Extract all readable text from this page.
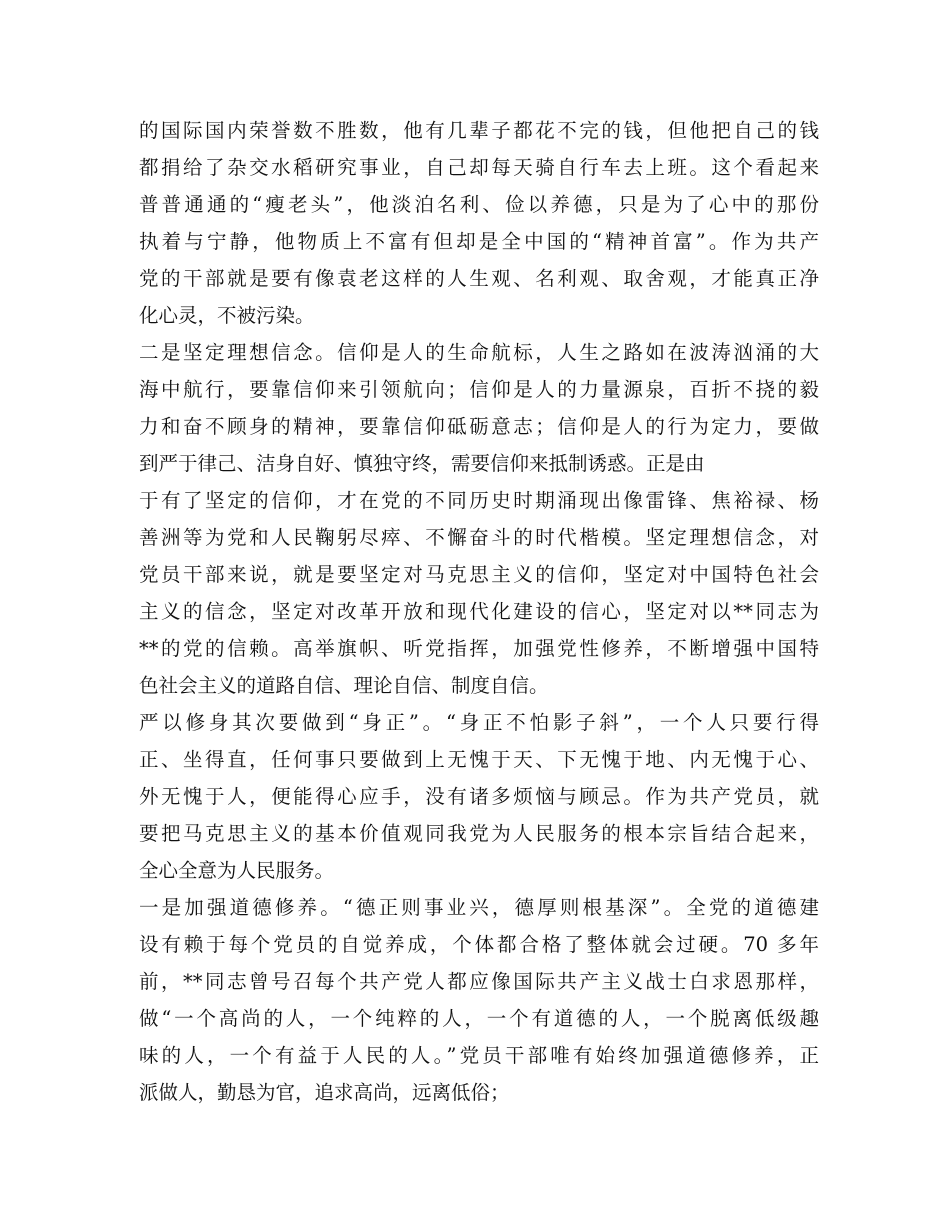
的国际国内荣誉数不胜数，他有几辈子都花不完的钱，但他把自己的钱
都捐给了杂交水稻研究事业，自己却每天骑自行车去上班。这个看起来
普普通通的“瘦老头”，他淡泊名利、俭以养德，只是为了心中的那份
执着与宁静，他物质上不富有但却是全中国的“精神首富”。作为共产
党的干部就是要有像袁老这样的人生观、名利观、取舍观，才能真正净
化心灵，不被污染。
二是坚定理想信念。信仰是人的生命航标，人生之路如在波涛汹涌的大
海中航行，要靠信仰来引领航向；信仰是人的力量源泉，百折不挠的毅
力和奋不顾身的精神，要靠信仰砥砺意志；信仰是人的行为定力，要做
到严于律己、洁身自好、慎独守终，需要信仰来抵制诱惑。正是由
于有了坚定的信仰，才在党的不同历史时期涌现出像雷锋、焦裕禄、杨
善洲等为党和人民鞠躬尽瘁、不懈奋斗的时代楷模。坚定理想信念，对
党员干部来说，就是要坚定对马克思主义的信仰，坚定对中国特色社会
主义的信念，坚定对改革开放和现代化建设的信心，坚定对以**同志为
**的党的信赖。高举旗帜、听党指挥，加强党性修养，不断增强中国特
色社会主义的道路自信、理论自信、制度自信。
严以修身其次要做到“身正”。“身正不怕影子斜”，一个人只要行得
正、坐得直，任何事只要做到上无愧于天、下无愧于地、内无愧于心、
外无愧于人，便能得心应手，没有诸多烦恼与顾忌。作为共产党员，就
要把马克思主义的基本价值观同我党为人民服务的根本宗旨结合起来，
全心全意为人民服务。
一是加强道德修养。“德正则事业兴，德厚则根基深”。全党的道德建
设有赖于每个党员的自觉养成，个体都合格了整体就会过硬。70 多年
前，**同志曾号召每个共产党人都应像国际共产主义战士白求恩那样，
做“一个高尚的人，一个纯粹的人，一个有道德的人，一个脱离低级趣
味的人，一个有益于人民的人。”党员干部唯有始终加强道德修养，正
派做人，勤恳为官，追求高尚，远离低俗；
